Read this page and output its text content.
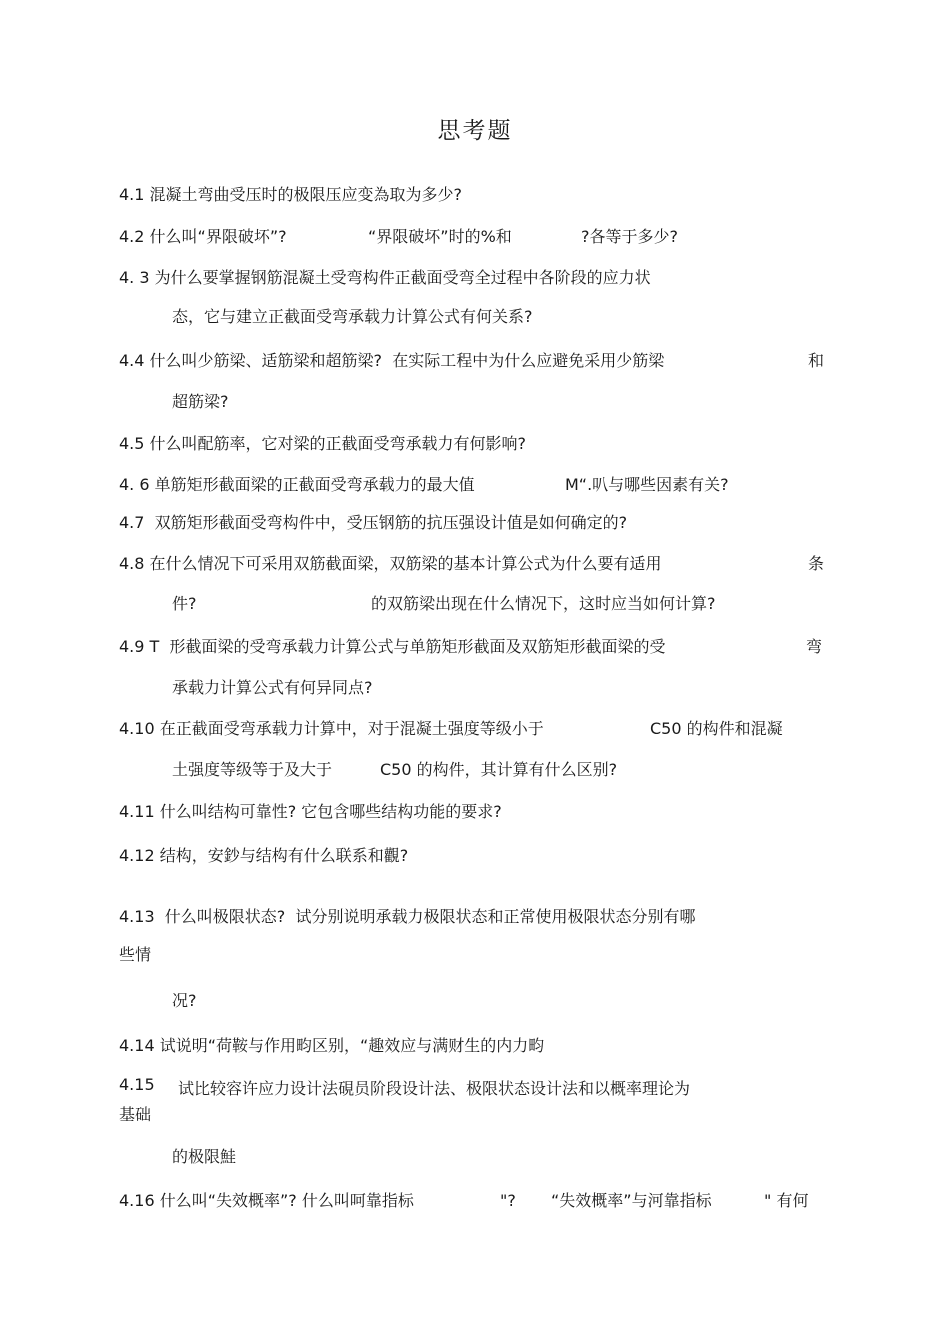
思考题
4.1 混凝土弯曲受压时的极限压应变為取为多少?
4.2 什么叫“界限破坏”?	“界限破坏”时的%和	?各等于多少?
4. 3 为什么要掌握钢筋混凝土受弯构件正截面受弯全过程中各阶段的应力状
态，它与建立正截面受弯承载力计算公式有何关系?
4.4 什么叫少筋梁、适筋梁和超筋梁?  在实际工程中为什么应避免采用少筋梁	和
超筋梁?
4.5 什么叫配筋率，它对梁的正截面受弯承载力有何影响?
4. 6 单筋矩形截面梁的正截面受弯承载力的最大值	M“.叭与哪些因素有关?
4.7  双筋矩形截面受弯构件中，受压钢筋的抗压强设计值是如何确定的?
4.8 在什么情况下可采用双筋截面梁，双筋梁的基本计算公式为什么要有适用	条
件?	的双筋梁出现在什么情况下，这时应当如何计算?
4.9 T  形截面梁的受弯承载力计算公式与单筋矩形截面及双筋矩形截面梁的受	弯
承载力计算公式有何异同点?
4.10 在正截面受弯承载力计算中，对于混凝土强度等级小于	C50 的构件和混凝
土强度等级等于及大于	C50 的构件，其计算有什么区别?
4.11 什么叫结构可靠性? 它包含哪些结构功能的要求?
4.12 结构，安鈔与结构有什么联系和觀?
4.13  什么叫极限状态?  试分别说明承载力极限状态和正常使用极限状态分别有哪
些情
况?
4.14 试说明“荷鞍与作用畇区别，“趣效应与满财生的内力畇
4.15 试比较容许应力设计法硯员阶段设计法、极限状态设计法和以概率理论为
基础
的极限鮭
4.16 什么叫“失效概率”? 什么叫呵靠指标	"? “失效概率”与河靠指标	" 有何
